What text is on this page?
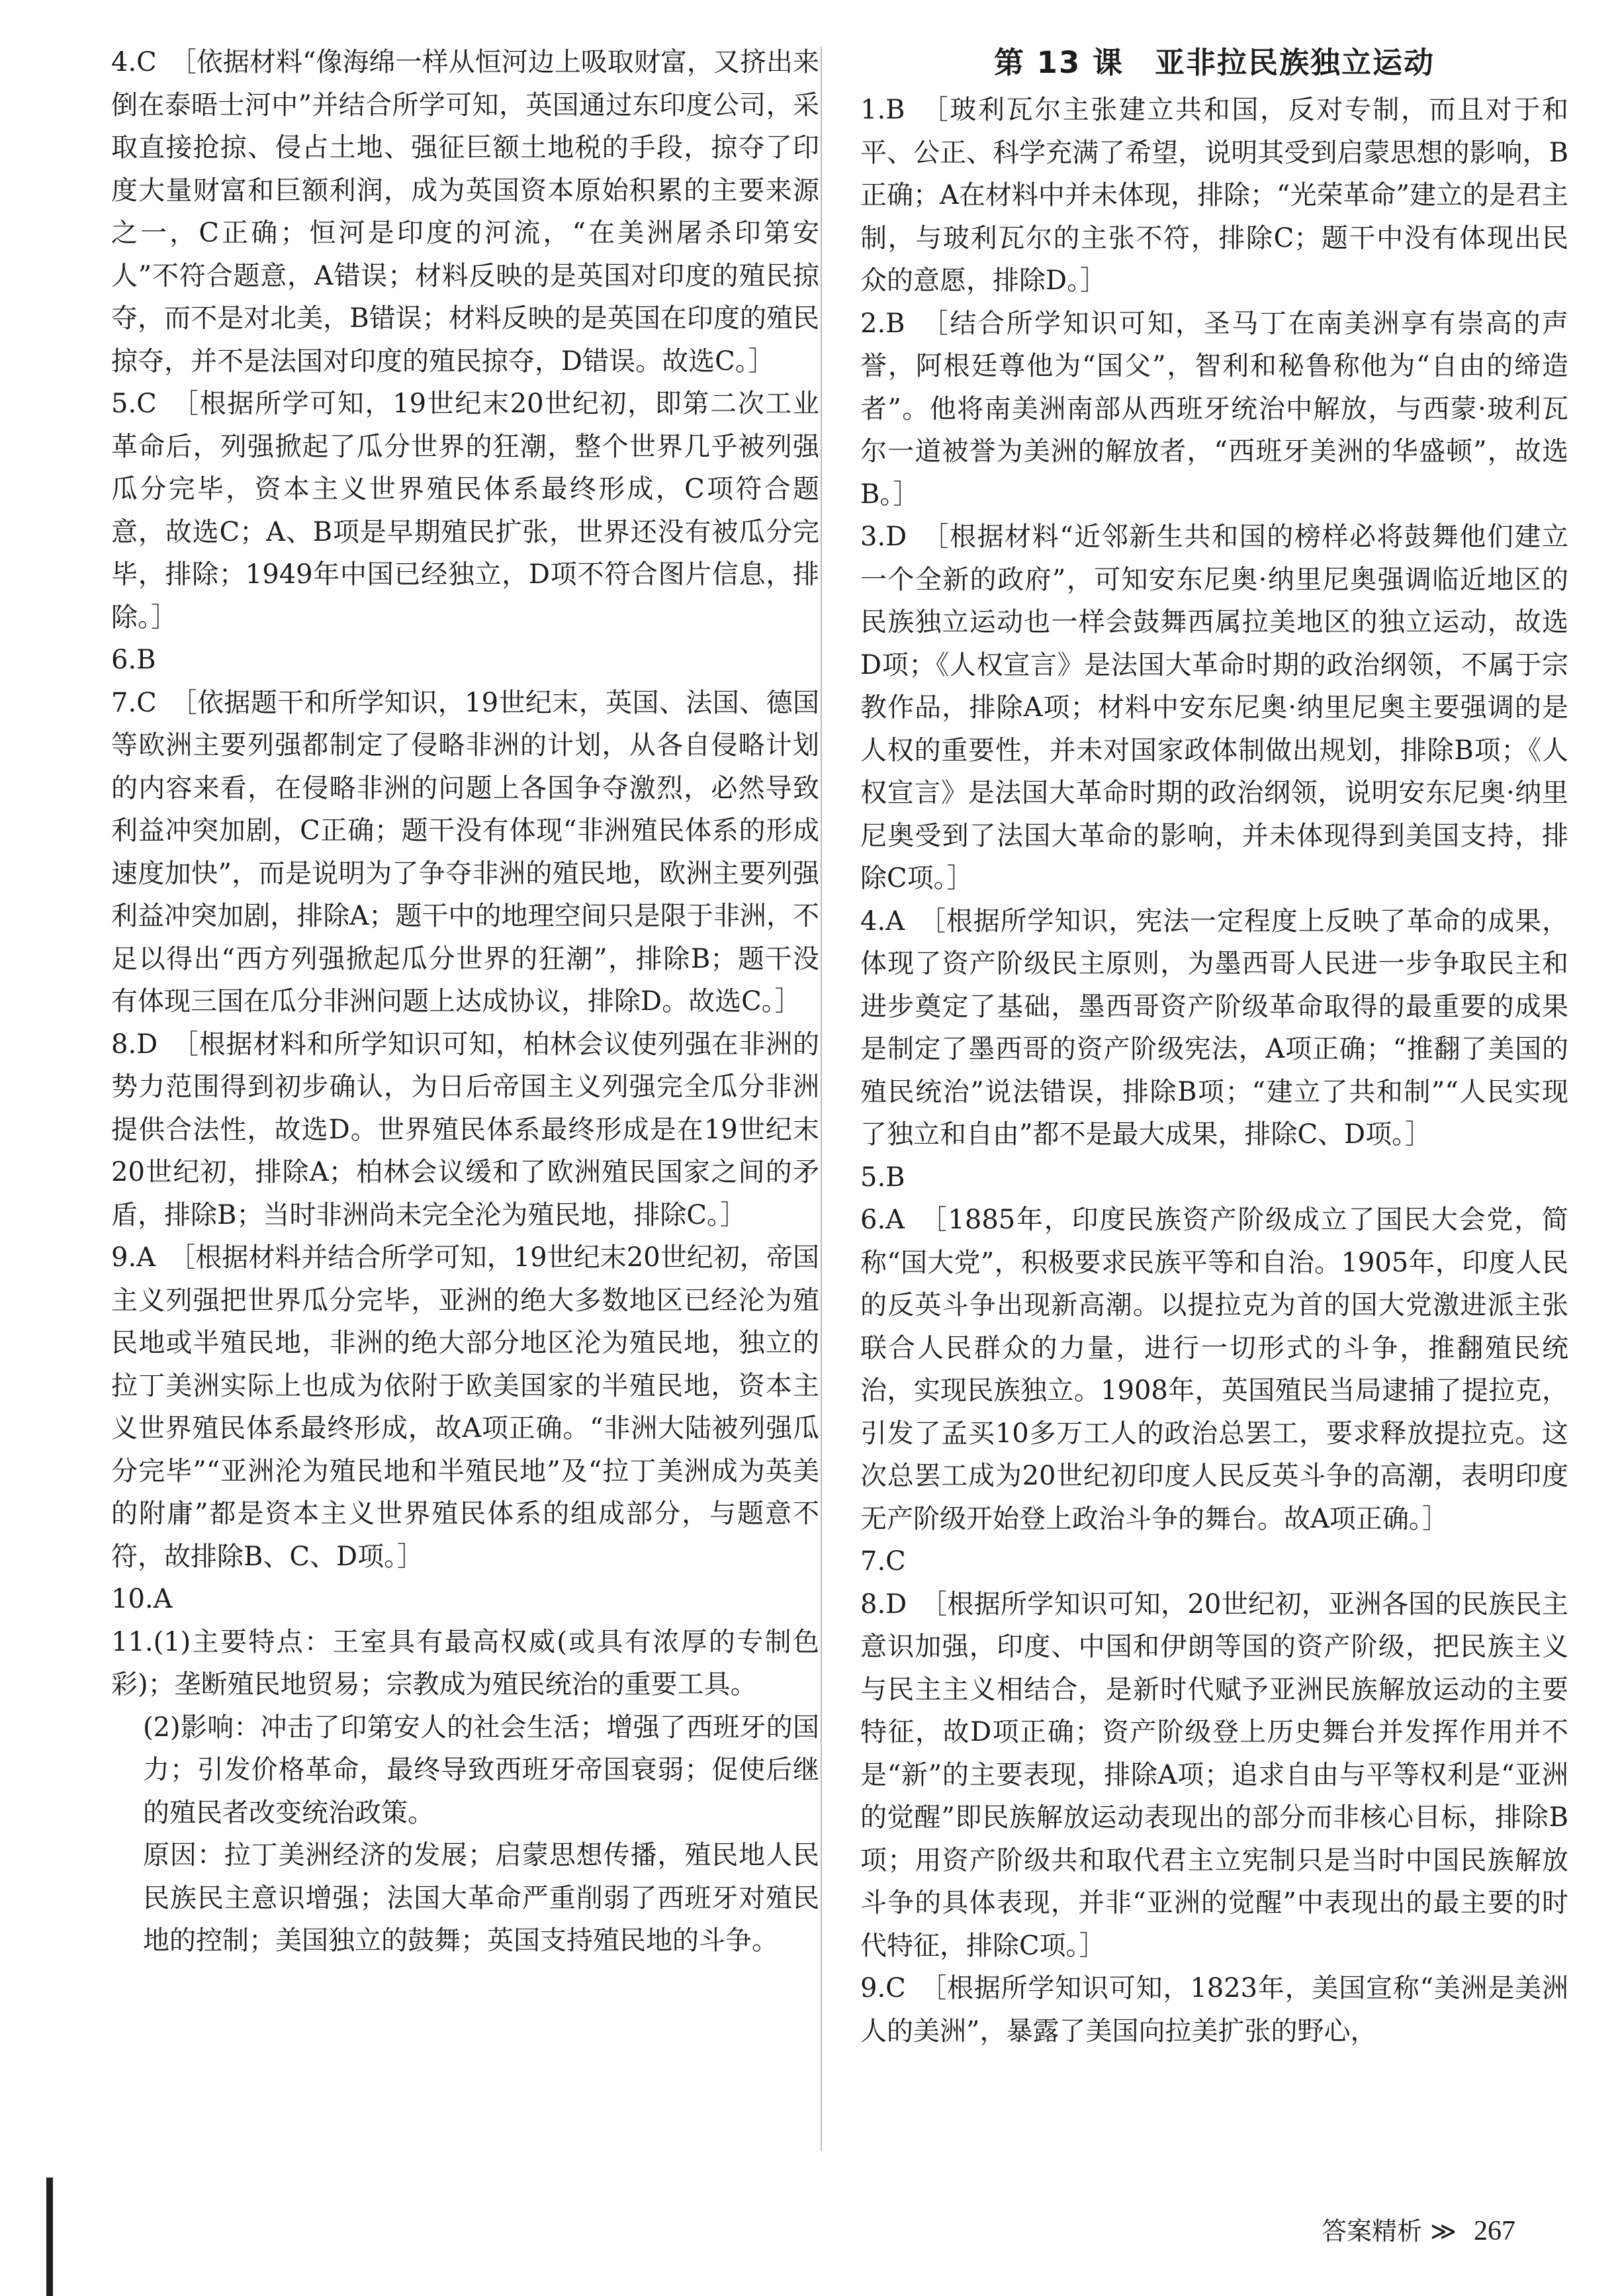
4.C　［依据材料“像海绵一样从恒河边上吸取财富，又挤出来倒在泰晤士河中”并结合所学可知，英国通过东印度公司，采取直接抢掠、侵占土地、强征巨额土地税的手段，掠夺了印度大量财富和巨额利润，成为英国资本原始积累的主要来源之一，C正确；恒河是印度的河流，“在美洲屠杀印第安人”不符合题意，A错误；材料反映的是英国对印度的殖民掠夺，而不是对北美，B错误；材料反映的是英国在印度的殖民掠夺，并不是法国对印度的殖民掠夺，D错误。故选C。］

5.C　［根据所学可知，19世纪末20世纪初，即第二次工业革命后，列强掀起了瓜分世界的狂潮，整个世界几乎被列强瓜分完毕，资本主义世界殖民体系最终形成，C项符合题意，故选C；A、B项是早期殖民扩张，世界还没有被瓜分完毕，排除；1949年中国已经独立，D项不符合图片信息，排除。］

6.B

7.C　［依据题干和所学知识，19世纪末，英国、法国、德国等欧洲主要列强都制定了侵略非洲的计划，从各自侵略计划的内容来看，在侵略非洲的问题上各国争夺激烈，必然导致利益冲突加剧，C正确；题干没有体现“非洲殖民体系的形成速度加快”，而是说明为了争夺非洲的殖民地，欧洲主要列强利益冲突加剧，排除A；题干中的地理空间只是限于非洲，不足以得出“西方列强掀起瓜分世界的狂潮”，排除B；题干没有体现三国在瓜分非洲问题上达成协议，排除D。故选C。］

8.D　［根据材料和所学知识可知，柏林会议使列强在非洲的势力范围得到初步确认，为日后帝国主义列强完全瓜分非洲提供合法性，故选D。世界殖民体系最终形成是在19世纪末20世纪初，排除A；柏林会议缓和了欧洲殖民国家之间的矛盾，排除B；当时非洲尚未完全沦为殖民地，排除C。］

9.A　［根据材料并结合所学可知，19世纪末20世纪初，帝国主义列强把世界瓜分完毕，亚洲的绝大多数地区已经沦为殖民地或半殖民地，非洲的绝大部分地区沦为殖民地，独立的拉丁美洲实际上也成为依附于欧美国家的半殖民地，资本主义世界殖民体系最终形成，故A项正确。“非洲大陆被列强瓜分完毕”“亚洲沦为殖民地和半殖民地”及“拉丁美洲成为英美的附庸”都是资本主义世界殖民体系的组成部分，与题意不符，故排除B、C、D项。］

10.A

11.(1)主要特点：王室具有最高权威(或具有浓厚的专制色彩)；垄断殖民地贸易；宗教成为殖民统治的重要工具。

(2)影响：冲击了印第安人的社会生活；增强了西班牙的国力；引发价格革命，最终导致西班牙帝国衰弱；促使后继的殖民者改变统治政策。

原因：拉丁美洲经济的发展；启蒙思想传播，殖民地人民民族民主意识增强；法国大革命严重削弱了西班牙对殖民地的控制；美国独立的鼓舞；英国支持殖民地的斗争。

第 13 课　亚非拉民族独立运动

1.B　［玻利瓦尔主张建立共和国，反对专制，而且对于和平、公正、科学充满了希望，说明其受到启蒙思想的影响，B正确；A在材料中并未体现，排除；“光荣革命”建立的是君主制，与玻利瓦尔的主张不符，排除C；题干中没有体现出民众的意愿，排除D。］

2.B　［结合所学知识可知，圣马丁在南美洲享有崇高的声誉，阿根廷尊他为“国父”，智利和秘鲁称他为“自由的缔造者”。他将南美洲南部从西班牙统治中解放，与西蒙·玻利瓦尔一道被誉为美洲的解放者，“西班牙美洲的华盛顿”，故选B。］

3.D　［根据材料“近邻新生共和国的榜样必将鼓舞他们建立一个全新的政府”，可知安东尼奥·纳里尼奥强调临近地区的民族独立运动也一样会鼓舞西属拉美地区的独立运动，故选D项；《人权宣言》是法国大革命时期的政治纲领，不属于宗教作品，排除A项；材料中安东尼奥·纳里尼奥主要强调的是人权的重要性，并未对国家政体制做出规划，排除B项；《人权宣言》是法国大革命时期的政治纲领，说明安东尼奥·纳里尼奥受到了法国大革命的影响，并未体现得到美国支持，排除C项。］

4.A　［根据所学知识，宪法一定程度上反映了革命的成果，体现了资产阶级民主原则，为墨西哥人民进一步争取民主和进步奠定了基础，墨西哥资产阶级革命取得的最重要的成果是制定了墨西哥的资产阶级宪法，A项正确；“推翻了美国的殖民统治”说法错误，排除B项；“建立了共和制”“人民实现了独立和自由”都不是最大成果，排除C、D项。］

5.B

6.A　［1885年，印度民族资产阶级成立了国民大会党，简称“国大党”，积极要求民族平等和自治。1905年，印度人民的反英斗争出现新高潮。以提拉克为首的国大党激进派主张联合人民群众的力量，进行一切形式的斗争，推翻殖民统治，实现民族独立。1908年，英国殖民当局逮捕了提拉克，引发了孟买10多万工人的政治总罢工，要求释放提拉克。这次总罢工成为20世纪初印度人民反英斗争的高潮，表明印度无产阶级开始登上政治斗争的舞台。故A项正确。］

7.C

8.D　［根据所学知识可知，20世纪初，亚洲各国的民族民主意识加强，印度、中国和伊朗等国的资产阶级，把民族主义与民主主义相结合，是新时代赋予亚洲民族解放运动的主要特征，故D项正确；资产阶级登上历史舞台并发挥作用并不是“新”的主要表现，排除A项；追求自由与平等权利是“亚洲的觉醒”即民族解放运动表现出的部分而非核心目标，排除B项；用资产阶级共和取代君主立宪制只是当时中国民族解放斗争的具体表现，并非“亚洲的觉醒”中表现出的最主要的时代特征，排除C项。］

9.C　［根据所学知识可知，1823年，美国宣称“美洲是美洲人的美洲”，暴露了美国向拉美扩张的野心，

答案精析 ≫ 267
